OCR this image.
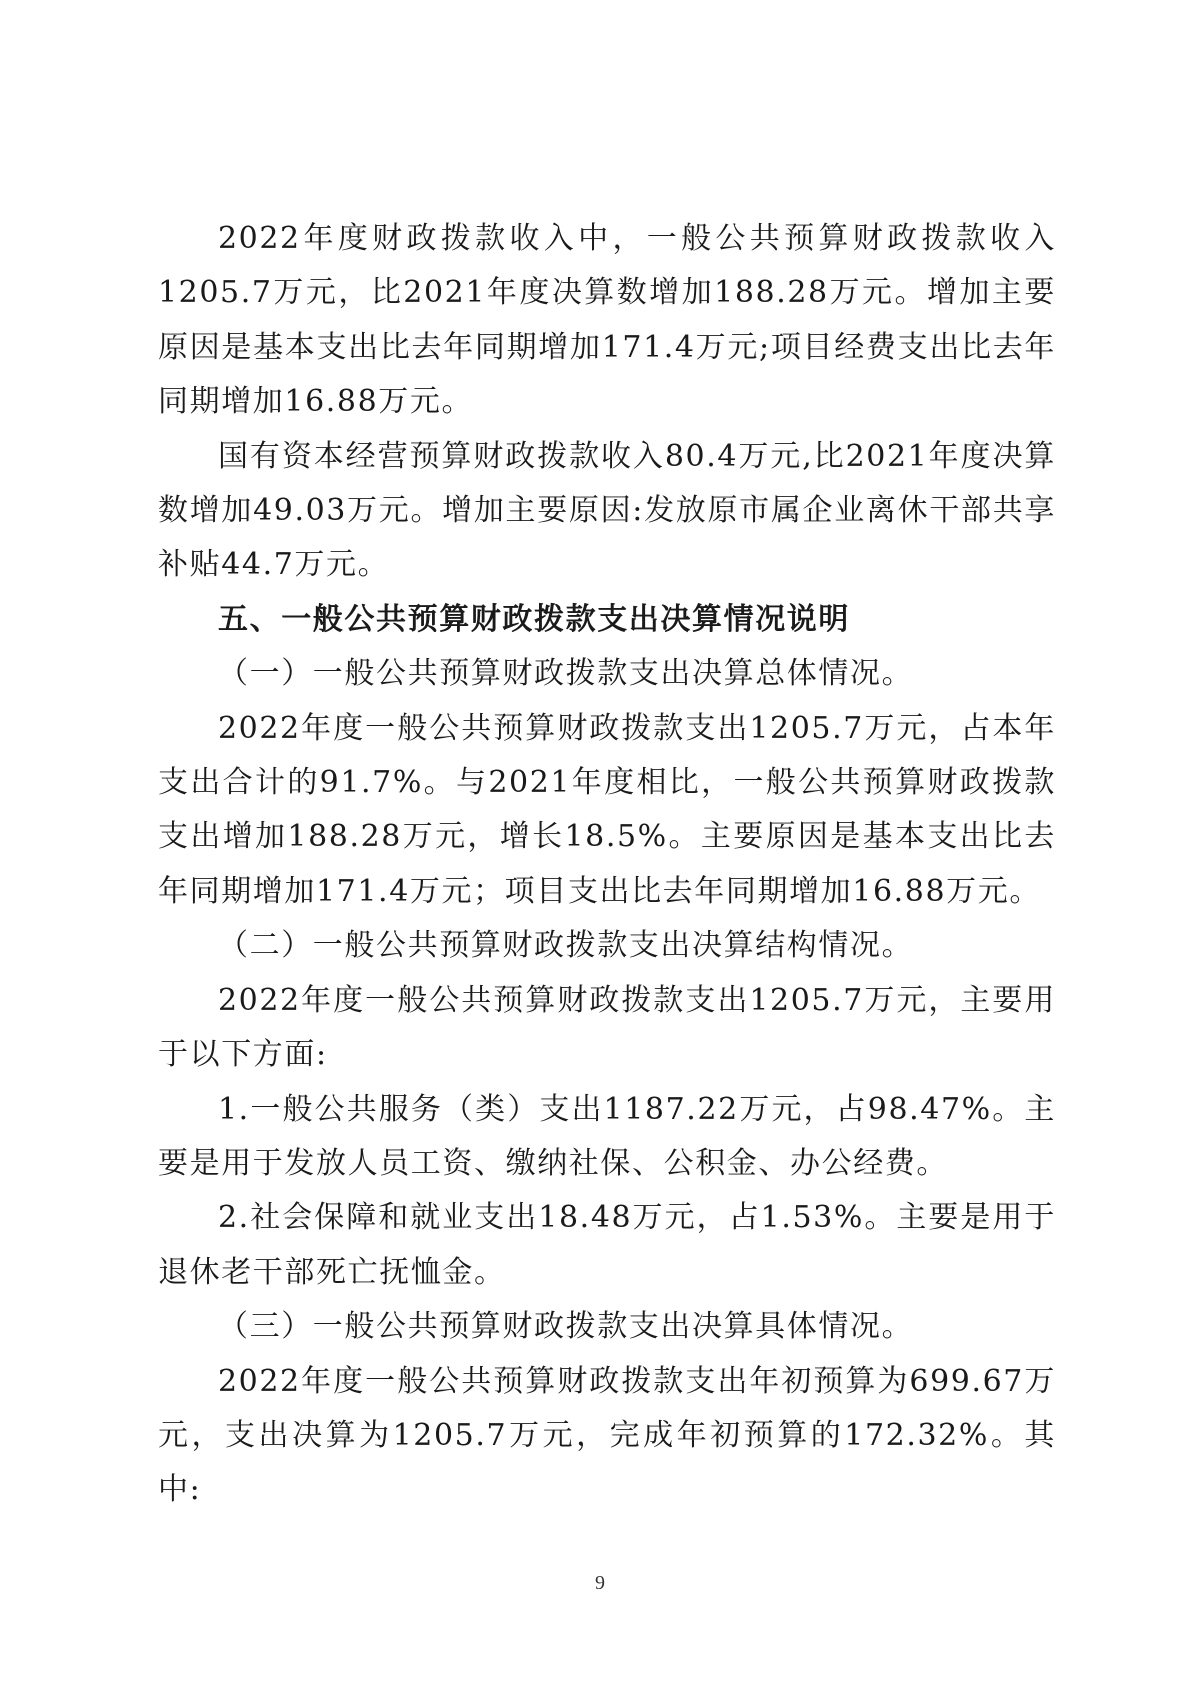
2022年度财政拨款收入中，一般公共预算财政拨款收入1205.7万元，比2021年度决算数增加188.28万元。增加主要原因是基本支出比去年同期增加171.4万元;项目经费支出比去年同期增加16.88万元。

国有资本经营预算财政拨款收入80.4万元,比2021年度决算数增加49.03万元。增加主要原因:发放原市属企业离休干部共享补贴44.7万元。

五、一般公共预算财政拨款支出决算情况说明

（一）一般公共预算财政拨款支出决算总体情况。

2022年度一般公共预算财政拨款支出1205.7万元，占本年支出合计的91.7%。与2021年度相比，一般公共预算财政拨款支出增加188.28万元，增长18.5%。主要原因是基本支出比去年同期增加171.4万元；项目支出比去年同期增加16.88万元。

（二）一般公共预算财政拨款支出决算结构情况。

2022年度一般公共预算财政拨款支出1205.7万元，主要用于以下方面:

1.一般公共服务（类）支出1187.22万元，占98.47%。主要是用于发放人员工资、缴纳社保、公积金、办公经费。

2.社会保障和就业支出18.48万元，占1.53%。主要是用于退休老干部死亡抚恤金。

（三）一般公共预算财政拨款支出决算具体情况。

2022年度一般公共预算财政拨款支出年初预算为699.67万元，支出决算为1205.7万元，完成年初预算的172.32%。其中:

9
